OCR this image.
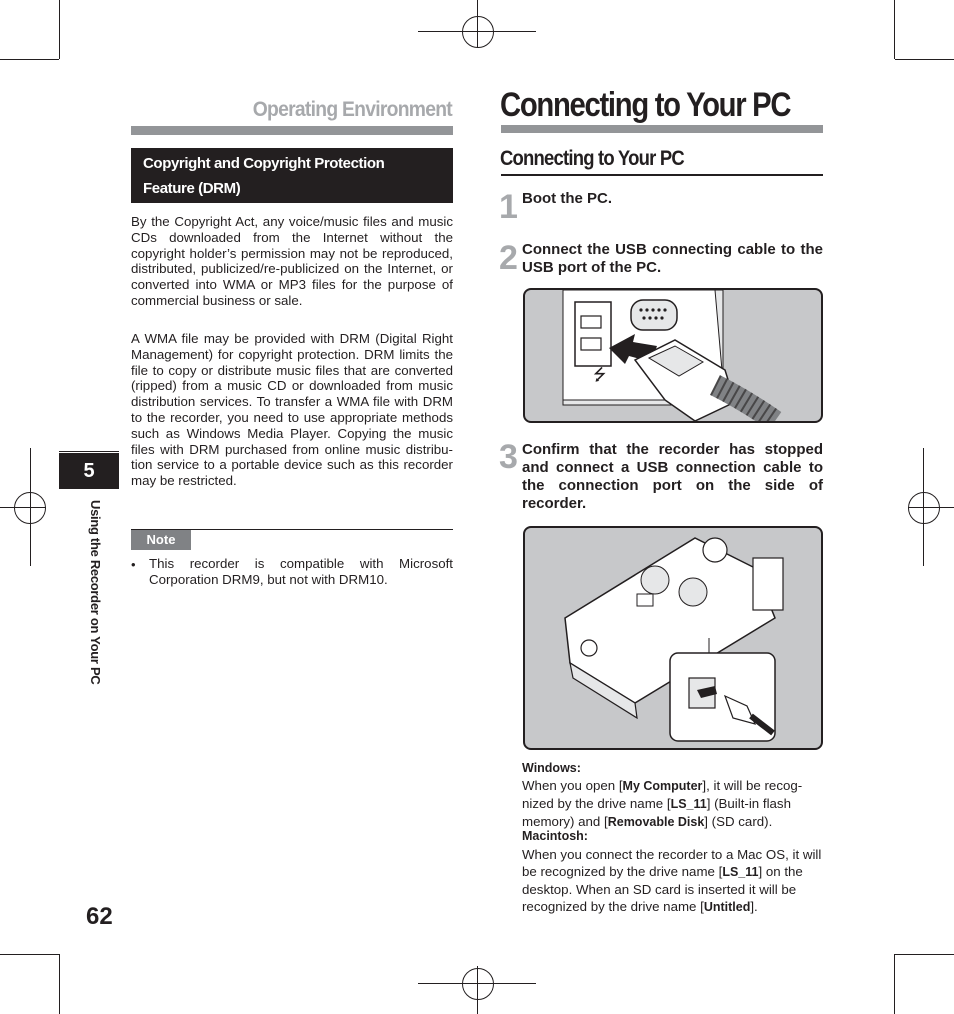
Operating Environment
Copyright and Copyright Protection
Feature (DRM)
By the Copyright Act, any voice/music files and music CDs downloaded from the Internet without the copyright holder’s permission may not be reproduced, distributed, publicized/re-publicized on the Internet, or converted into WMA or MP3 files for the purpose of commercial business or sale.
A WMA file may be provided with DRM (Digital Right Management) for copyright protection. DRM limits the file to copy or distribute music files that are converted (ripped) from a music CD or downloaded from music distribution services. To transfer a WMA file with DRM to the recorder, you need to use appropriate methods such as Windows Media Player. Copying the music files with DRM purchased from online music distribu-tion service to a portable device such as this recorder may be restricted.
Note
• This recorder is compatible with Microsoft Corporation DRM9, but not with DRM10.
5
Using the Recorder on Your PC
62
Connecting to Your PC
Connecting to Your PC
1 Boot the PC.
2 Connect the USB connecting cable to the USB port of the PC.
⭍
3 Confirm that the recorder has stopped and connect a USB connection cable to the connection port on the side of recorder.
Windows:
When you open [My Computer], it will be recog-nized by the drive name [LS_11] (Built-in flash memory) and [Removable Disk] (SD card).
Macintosh:
When you connect the recorder to a Mac OS, it will be recognized by the drive name [LS_11] on the desktop. When an SD card is inserted it will be recognized by the drive name [Untitled].
